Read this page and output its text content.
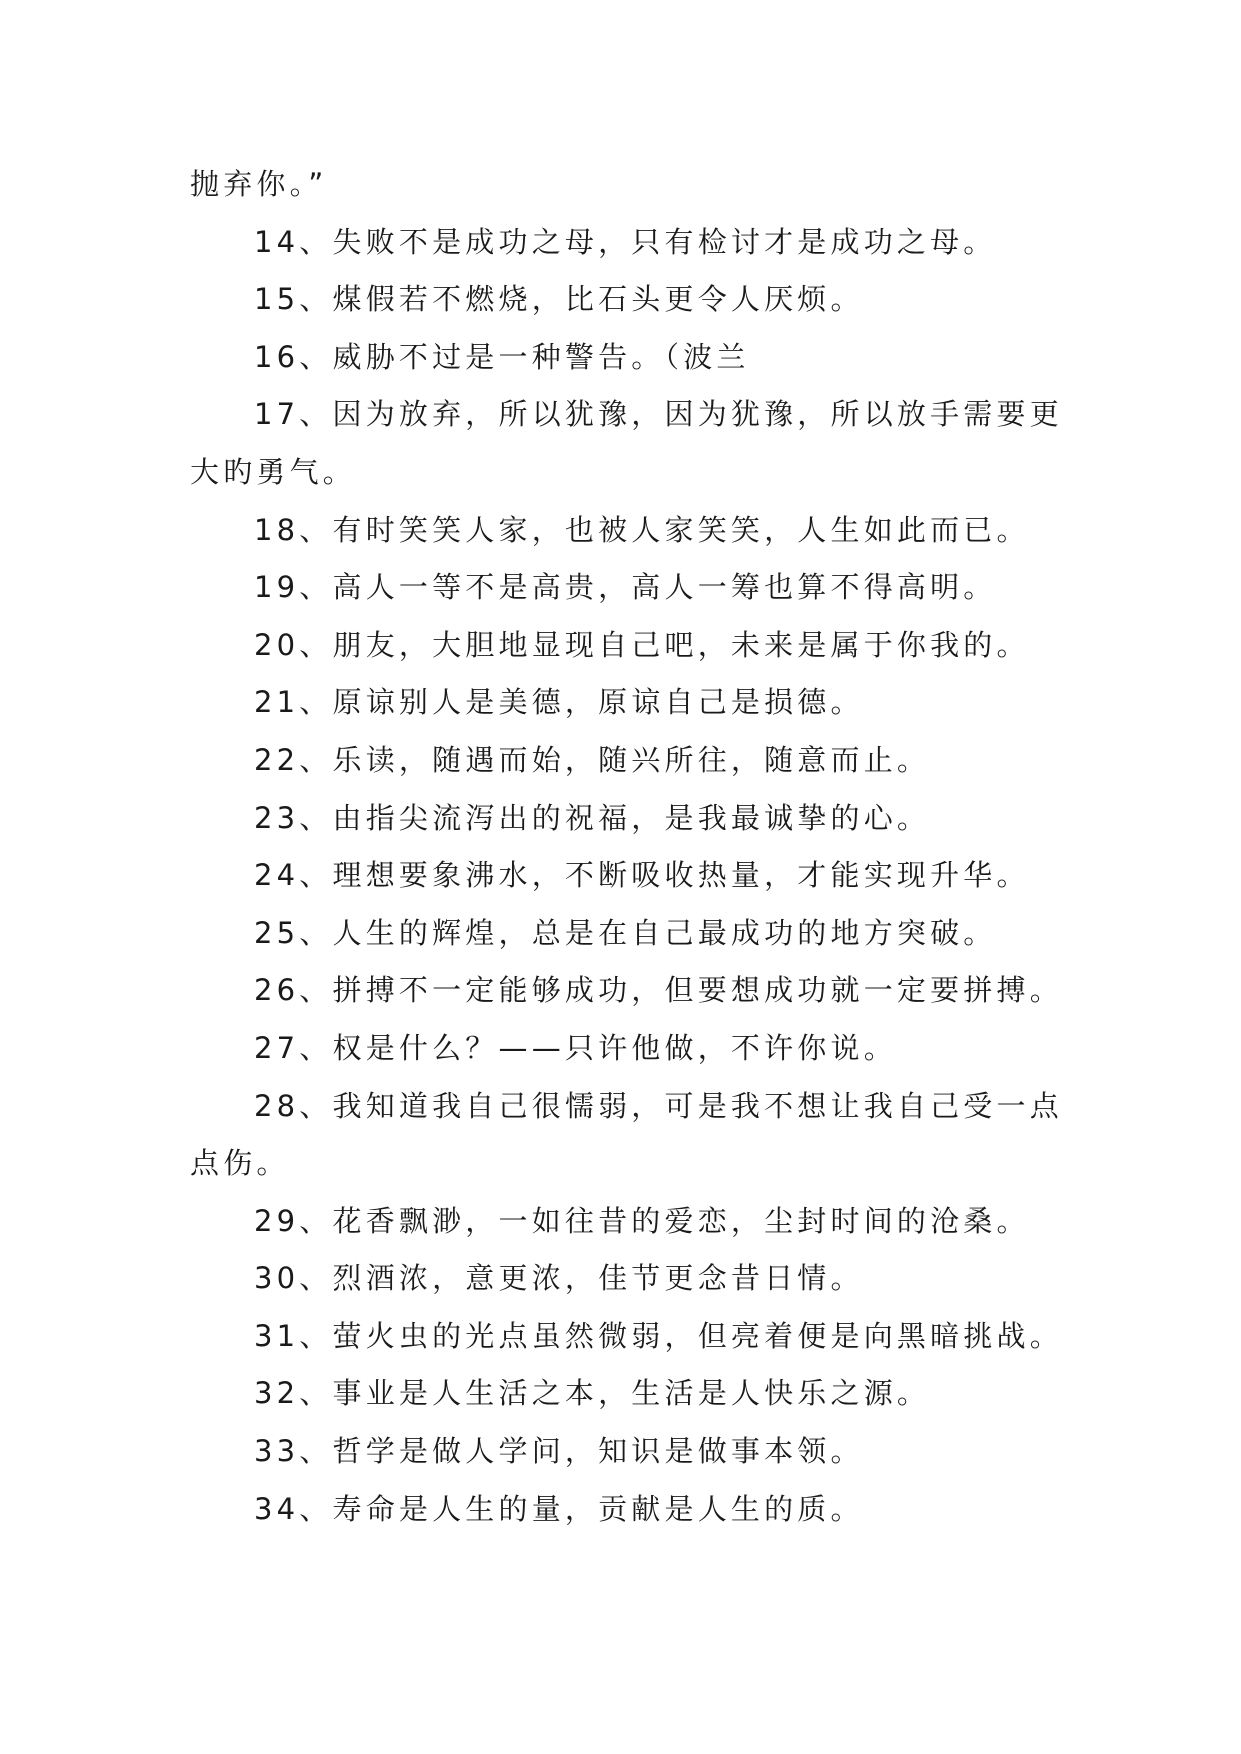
抛弃你。”
14、失败不是成功之母，只有检讨才是成功之母。
15、煤假若不燃烧，比石头更令人厌烦。
16、威胁不过是一种警告。（波兰
17、因为放弃，所以犹豫，因为犹豫，所以放手需要更
大旳勇气。
18、有时笑笑人家，也被人家笑笑，人生如此而已。
19、高人一等不是高贵，高人一筹也算不得高明。
20、朋友，大胆地显现自己吧，未来是属于你我的。
21、原谅别人是美德，原谅自己是损德。
22、乐读，随遇而始，随兴所往，随意而止。
23、由指尖流泻出的祝福，是我最诚挚的心。
24、理想要象沸水，不断吸收热量，才能实现升华。
25、人生的辉煌，总是在自己最成功的地方突破。
26、拼搏不一定能够成功，但要想成功就一定要拼搏。
27、权是什么？——只许他做，不许你说。
28、我知道我自己很懦弱，可是我不想让我自己受一点
点伤。
29、花香飘渺，一如往昔的爱恋，尘封时间的沧桑。
30、烈酒浓，意更浓，佳节更念昔日情。
31、萤火虫的光点虽然微弱，但亮着便是向黑暗挑战。
32、事业是人生活之本，生活是人快乐之源。
33、哲学是做人学问，知识是做事本领。
34、寿命是人生的量，贡献是人生的质。
